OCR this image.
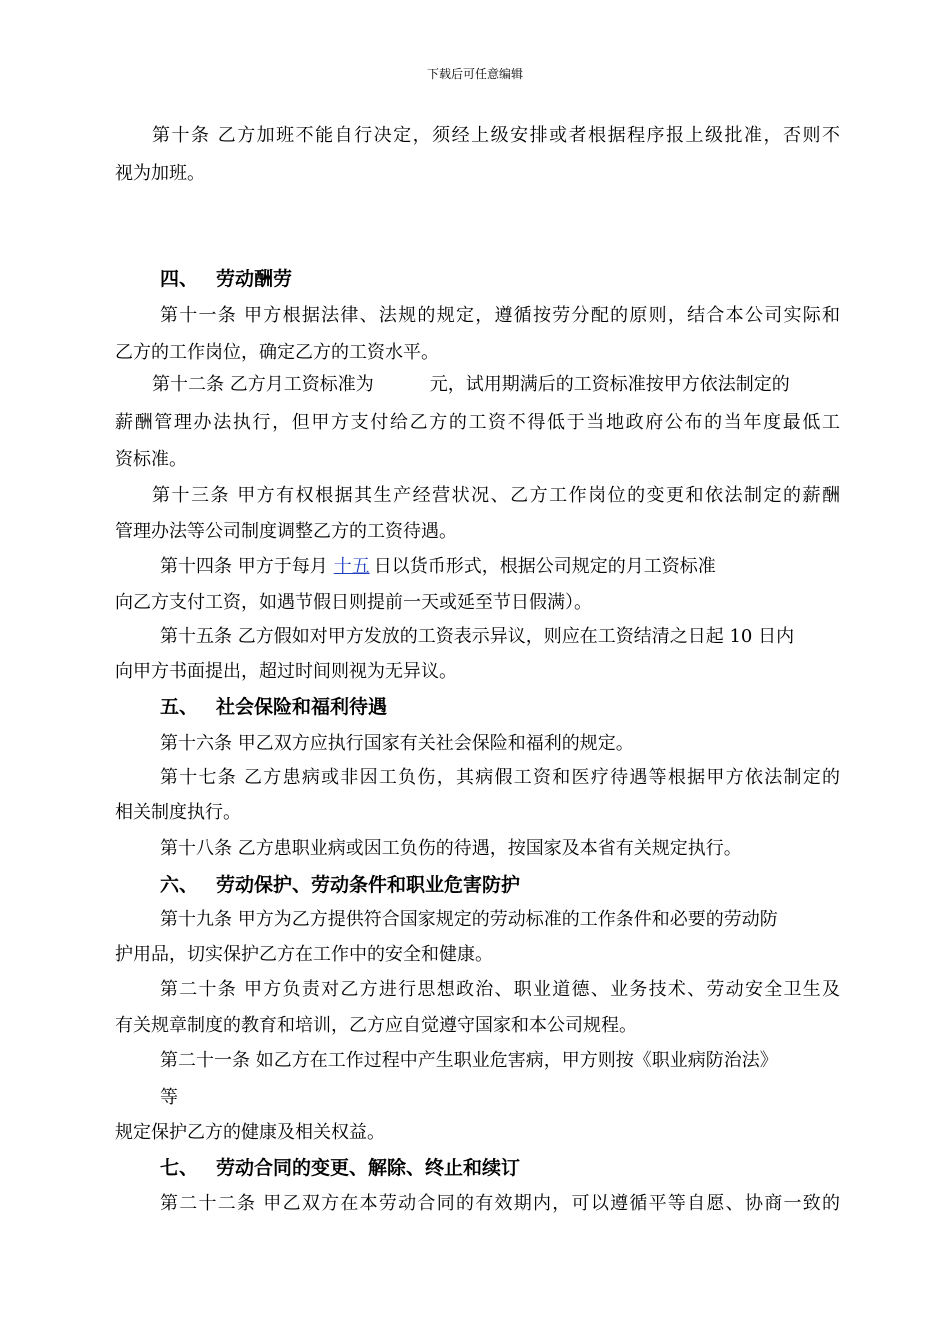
下载后可任意编辑
第十条 乙方加班不能自行决定，须经上级安排或者根据程序报上级批准，否则不
视为加班。
四、 劳动酬劳
第十一条 甲方根据法律、法规的规定，遵循按劳分配的原则，结合本公司实际和
乙方的工作岗位，确定乙方的工资水平。
第十二条 乙方月工资标准为	元，试用期满后的工资标准按甲方依法制定的
薪酬管理办法执行，但甲方支付给乙方的工资不得低于当地政府公布的当年度最低工
资标准。
第十三条 甲方有权根据其生产经营状况、乙方工作岗位的变更和依法制定的薪酬
管理办法等公司制度调整乙方的工资待遇。
第十四条 甲方于每月 十五 日以货币形式，根据公司规定的月工资标准
向乙方支付工资，如遇节假日则提前一天或延至节日假满）。
第十五条 乙方假如对甲方发放的工资表示异议，则应在工资结清之日起 10 日内
向甲方书面提出，超过时间则视为无异议。
五、 社会保险和福利待遇
第十六条 甲乙双方应执行国家有关社会保险和福利的规定。
第十七条 乙方患病或非因工负伤，其病假工资和医疗待遇等根据甲方依法制定的
相关制度执行。
第十八条 乙方患职业病或因工负伤的待遇，按国家及本省有关规定执行。
六、 劳动保护、劳动条件和职业危害防护
第十九条 甲方为乙方提供符合国家规定的劳动标准的工作条件和必要的劳动防
护用品，切实保护乙方在工作中的安全和健康。
第二十条 甲方负责对乙方进行思想政治、职业道德、业务技术、劳动安全卫生及
有关规章制度的教育和培训，乙方应自觉遵守国家和本公司规程。
第二十一条 如乙方在工作过程中产生职业危害病，甲方则按《职业病防治法》
等
规定保护乙方的健康及相关权益。
七、 劳动合同的变更、解除、终止和续订
第二十二条 甲乙双方在本劳动合同的有效期内，可以遵循平等自愿、协商一致的
